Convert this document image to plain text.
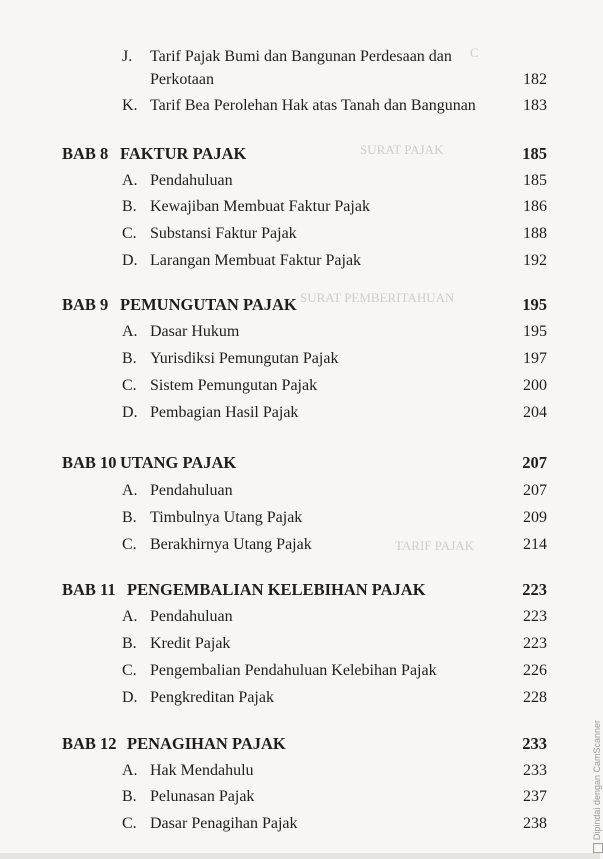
C
SURAT PAJAK
SURAT PEMBERITAHUAN
TARIF PAJAK
J. Tarif Pajak Bumi dan Bangunan Perdesaan dan
Perkotaan	182
K. Tarif Bea Perolehan Hak atas Tanah dan Bangunan	183
BAB 8 FAKTUR PAJAK	185
A. Pendahuluan	185
B. Kewajiban Membuat Faktur Pajak	186
C. Substansi Faktur Pajak	188
D. Larangan Membuat Faktur Pajak	192
BAB 9 PEMUNGUTAN PAJAK	195
A. Dasar Hukum	195
B. Yurisdiksi Pemungutan Pajak	197
C. Sistem Pemungutan Pajak	200
D. Pembagian Hasil Pajak	204
BAB 10 UTANG PAJAK	207
A. Pendahuluan	207
B. Timbulnya Utang Pajak	209
C. Berakhirnya Utang Pajak	214
BAB 11 PENGEMBALIAN KELEBIHAN PAJAK	223
A. Pendahuluan	223
B. Kredit Pajak	223
C. Pengembalian Pendahuluan Kelebihan Pajak	226
D. Pengkreditan Pajak	228
BAB 12 PENAGIHAN PAJAK	233
A. Hak Mendahulu	233
B. Pelunasan Pajak	237
C. Dasar Penagihan Pajak	238	Dipindai dengan CamScanner
